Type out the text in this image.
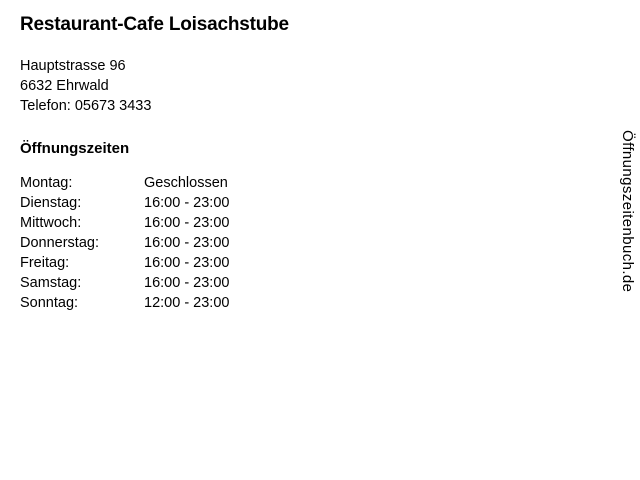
Restaurant-Cafe Loisachstube
Hauptstrasse 96
6632 Ehrwald
Telefon: 05673 3433
Öffnungszeiten
Montag:	Geschlossen
Dienstag:	16:00 - 23:00
Mittwoch:	16:00 - 23:00
Donnerstag:	16:00 - 23:00
Freitag:	16:00 - 23:00
Samstag:	16:00 - 23:00
Sonntag:	12:00 - 23:00
Öffnungszeitenbuch.de
